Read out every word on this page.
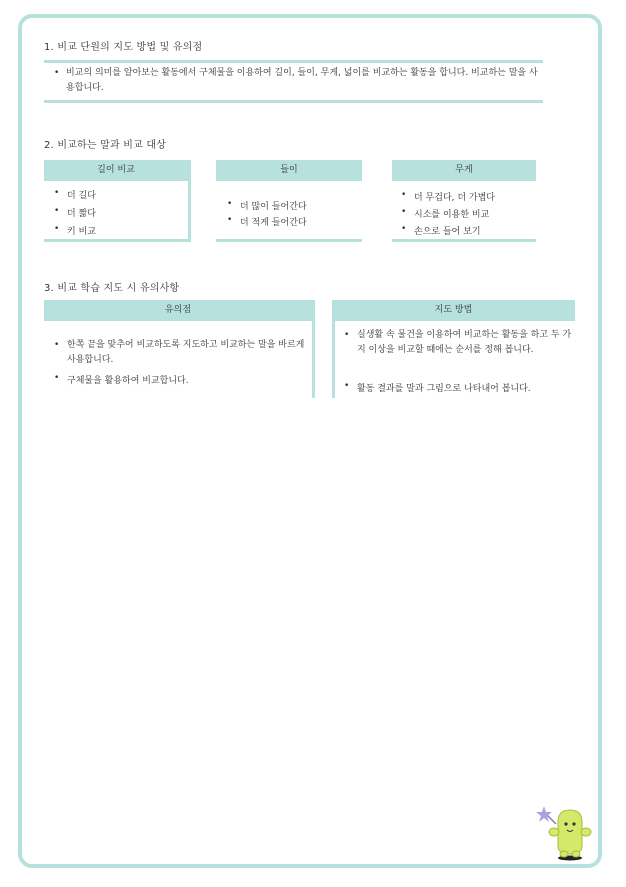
1. 비교 단원의 지도 방법 및 유의점
• 비교의 의미를 알아보는 활동에서 구체물을 이용하여 길이, 들이, 무게, 넓이를 비교하는 활동을 합니다. 비교하는 말을 사용합니다.
2. 비교하는 말과 비교 대상
길이 비교
• 더 길다
• 더 짧다
• 키 비교
들이
• 더 많이 들어간다
• 더 적게 들어간다
무게
• 더 무겁다, 더 가볍다
• 시소를 이용한 비교
• 손으로 들어 보기
3. 비교 학습 지도 시 유의사항
유의점
• 한쪽 끝을 맞추어 비교하도록 지도하고 비교하는 말을 바르게 사용합니다.
• 구체물을 활용하여 비교합니다.
지도 방법
• 실생활 속 물건을 이용하여 비교하는 활동을 하고 두 가지 이상을 비교할 때에는 순서를 정해 봅니다.
• 활동 결과를 말과 그림으로 나타내어 봅니다.
